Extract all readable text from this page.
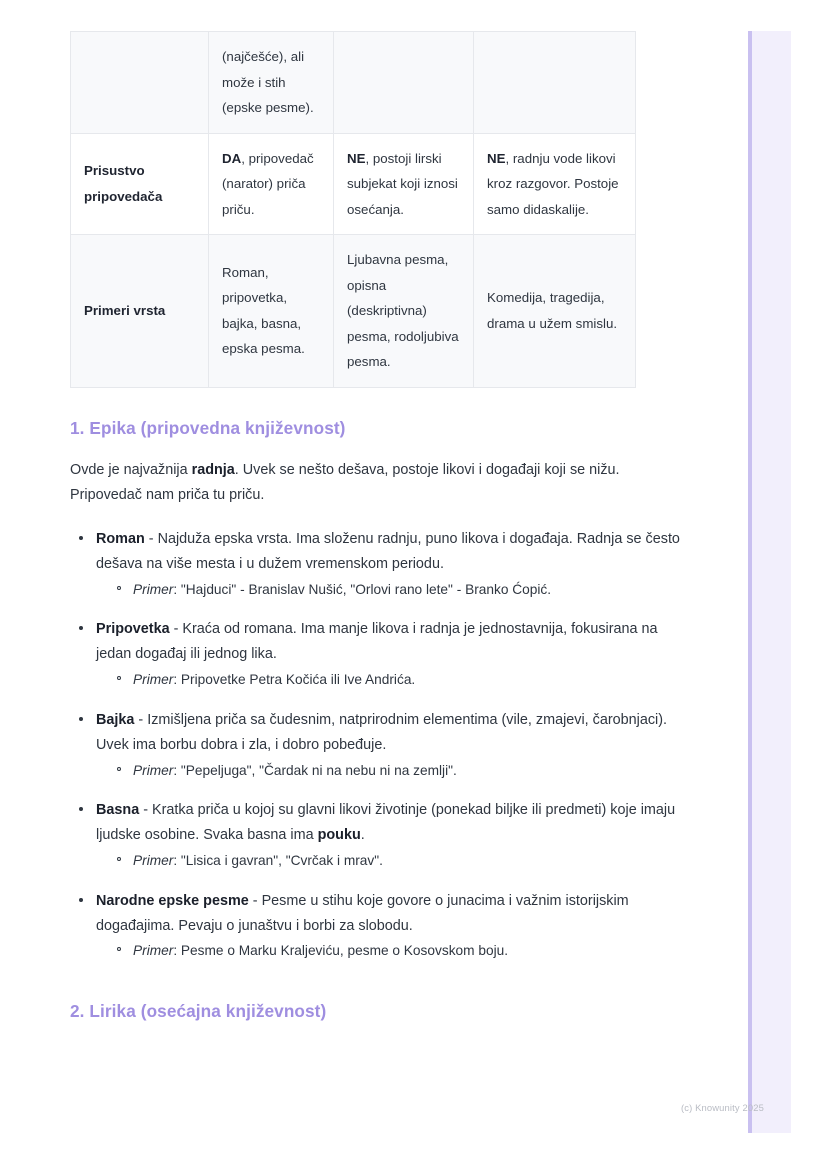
	(najčešće), ali može i stih (epske pesme).		
Prisustvo pripovedača	DA, pripovedač (narator) priča priču.	NE, postoji lirski subjekat koji iznosi osećanja.	NE, radnju vode likovi kroz razgovor. Postoje samo didaskalije.
Primeri vrsta	Roman, pripovetka, bajka, basna, epska pesma.	Ljubavna pesma, opisna (deskriptivna) pesma, rodoljubiva pesma.	Komedija, tragedija, drama u užem smislu.
1. Epika (pripovedna književnost)

Ovde je najvažnija radnja. Uvek se nešto dešava, postoje likovi i događaji koji se nižu. Pripovedač nam priča tu priču.

Roman - Najduža epska vrsta. Ima složenu radnju, puno likova i događaja. Radnja se često dešava na više mesta i u dužem vremenskom periodu.
Primer: "Hajduci" - Branislav Nušić, "Orlovi rano lete" - Branko Ćopić.
Pripovetka - Kraća od romana. Ima manje likova i radnja je jednostavnija, fokusirana na jedan događaj ili jednog lika.
Primer: Pripovetke Petra Kočića ili Ive Andrića.
Bajka - Izmišljena priča sa čudesnim, natprirodnim elementima (vile, zmajevi, čarobnjaci). Uvek ima borbu dobra i zla, i dobro pobeđuje.
Primer: "Pepeljuga", "Čardak ni na nebu ni na zemlji".
Basna - Kratka priča u kojoj su glavni likovi životinje (ponekad biljke ili predmeti) koje imaju ljudske osobine. Svaka basna ima pouku.
Primer: "Lisica i gavran", "Cvrčak i mrav".
Narodne epske pesme - Pesme u stihu koje govore o junacima i važnim istorijskim događajima. Pevaju o junaštvu i borbi za slobodu.
Primer: Pesme o Marku Kraljeviću, pesme o Kosovskom boju.
2. Lirika (osećajna književnost)
(c) Knowunity 2025
